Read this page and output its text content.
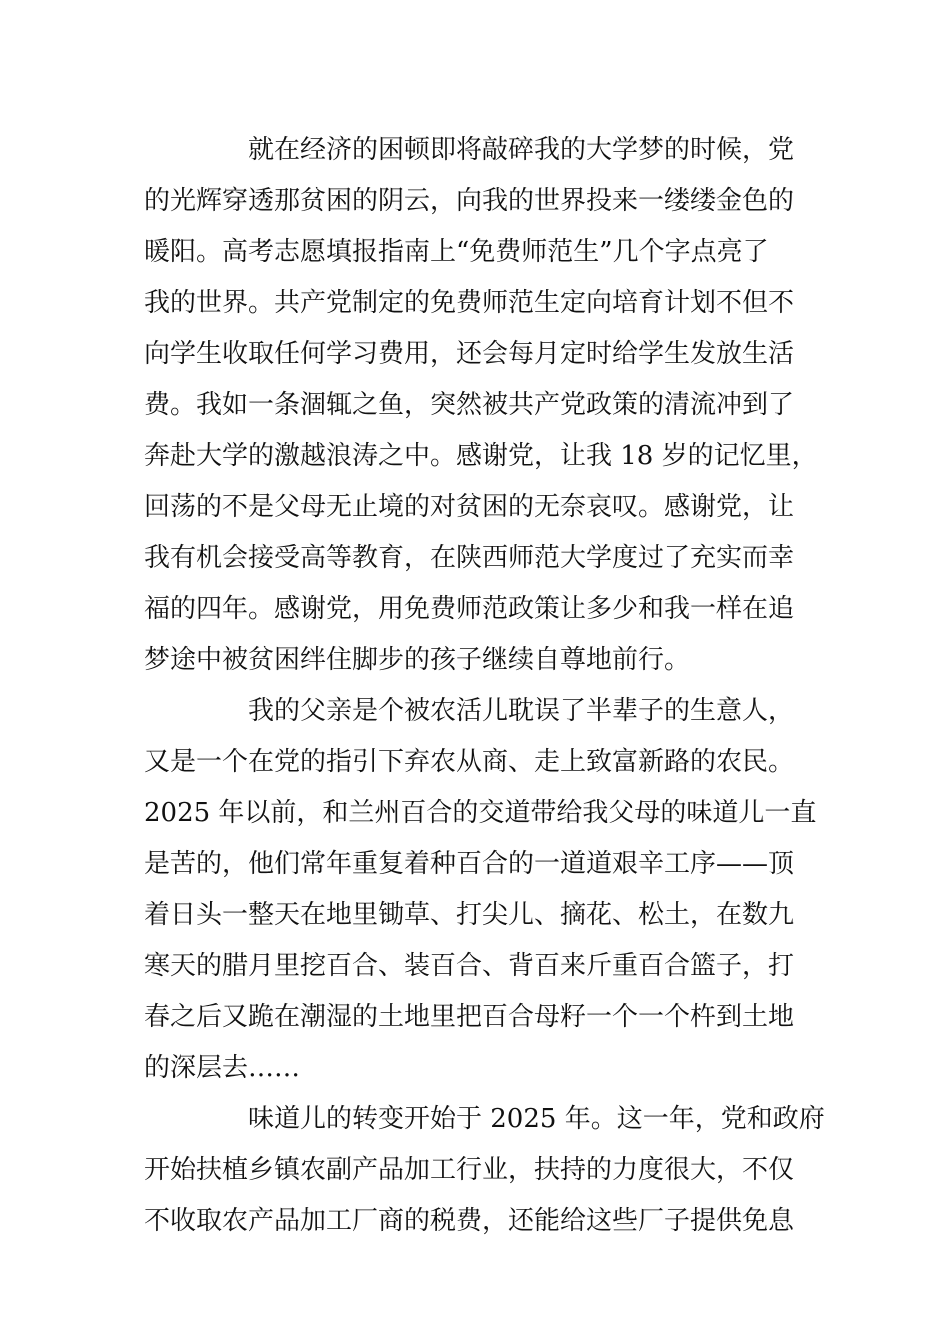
就在经济的困顿即将敲碎我的大学梦的时候，党
的光辉穿透那贫困的阴云，向我的世界投来一缕缕金色的
暖阳。高考志愿填报指南上“免费师范生”几个字点亮了
我的世界。共产党制定的免费师范生定向培育计划不但不
向学生收取任何学习费用，还会每月定时给学生发放生活
费。我如一条涸辄之鱼，突然被共产党政策的清流冲到了
奔赴大学的激越浪涛之中。感谢党，让我 18 岁的记忆里，
回荡的不是父母无止境的对贫困的无奈哀叹。感谢党，让
我有机会接受高等教育，在陕西师范大学度过了充实而幸
福的四年。感谢党，用免费师范政策让多少和我一样在追
梦途中被贫困绊住脚步的孩子继续自尊地前行。
我的父亲是个被农活儿耽误了半辈子的生意人，
又是一个在党的指引下弃农从商、走上致富新路的农民。
2025 年以前，和兰州百合的交道带给我父母的味道儿一直
是苦的，他们常年重复着种百合的一道道艰辛工序——顶
着日头一整天在地里锄草、打尖儿、摘花、松土，在数九
寒天的腊月里挖百合、装百合、背百来斤重百合篮子，打
春之后又跪在潮湿的土地里把百合母籽一个一个杵到土地
的深层去……
味道儿的转变开始于 2025 年。这一年，党和政府
开始扶植乡镇农副产品加工行业，扶持的力度很大，不仅
不收取农产品加工厂商的税费，还能给这些厂子提供免息
